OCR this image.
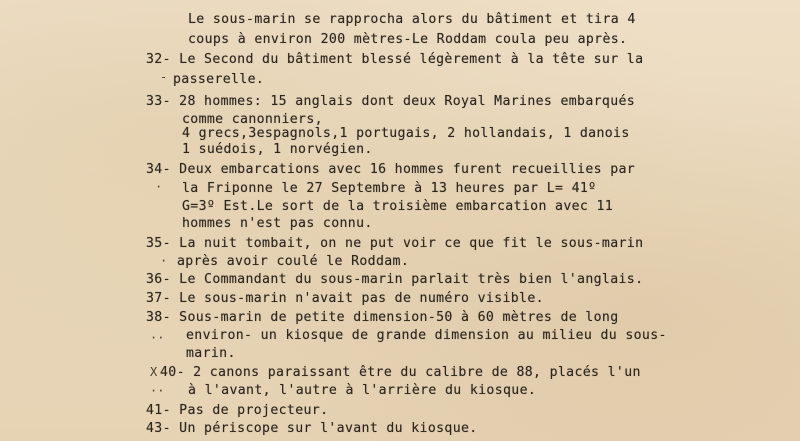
Le sous-marin se rapprocha alors du bâtiment et tira 4
coups à environ 200 mètres-Le Roddam coula peu après.
32- Le Second du bâtiment blessé légèrement à la tête sur la
passerelle.
33- 28 hommes: 15 anglais dont deux Royal Marines embarqués
comme canonniers,
4 grecs,3espagnols,1 portugais, 2 hollandais, 1 danois
1 suédois, 1 norvégien.
34- Deux embarcations avec 16 hommes furent recueillies par
la Friponne le 27 Septembre à 13 heures par L= 41º
G=3º Est.Le sort de la troisième embarcation avec 11
hommes n'est pas connu.
35- La nuit tombait, on ne put voir ce que fit le sous-marin
après avoir coulé le Roddam.
36- Le Commandant du sous-marin parlait très bien l'anglais.
37- Le sous-marin n'avait pas de numéro visible.
38- Sous-marin de petite dimension-50 à 60 mètres de long
environ- un kiosque de grande dimension au milieu du sous-
marin.
40- 2 canons paraissant être du calibre de 88, placés l'un
à l'avant, l'autre à l'arrière du kiosque.
41- Pas de projecteur.
43- Un périscope sur l'avant du kiosque.
-
·
·
··
··
X
